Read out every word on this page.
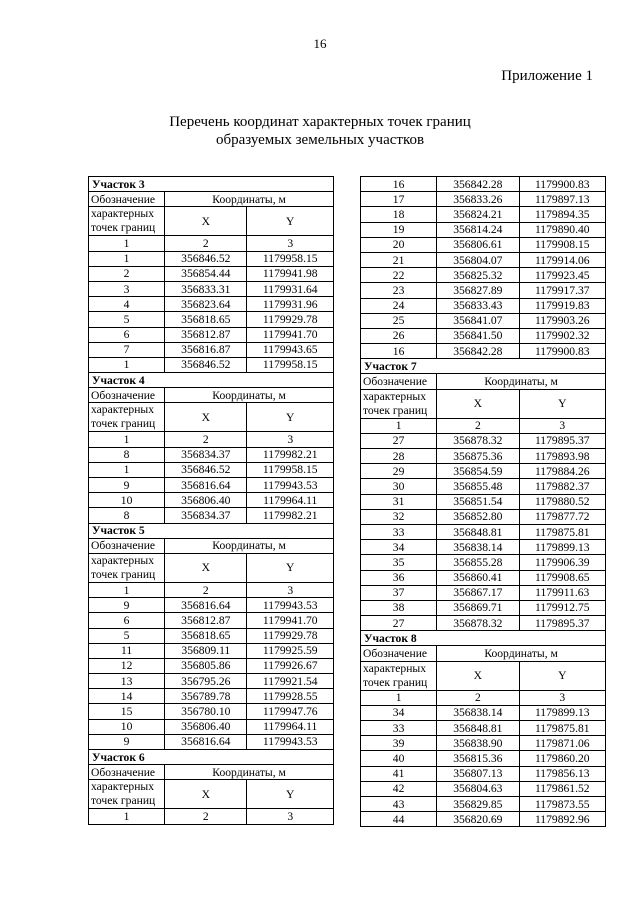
16
Приложение 1
Перечень координат характерных точек границ
образуемых земельных участков
Участок 3		
Обозначение	Координаты, м	
характерных точек границ	X	Y

1	2	3
1	356846.52	1179958.15
2	356854.44	1179941.98
3	356833.31	1179931.64
4	356823.64	1179931.96
5	356818.65	1179929.78
6	356812.87	1179941.70
7	356816.87	1179943.65
1	356846.52	1179958.15
Участок 4		
Обозначение	Координаты, м	
характерных точек границ	X	Y

1	2	3
8	356834.37	1179982.21
1	356846.52	1179958.15
9	356816.64	1179943.53
10	356806.40	1179964.11
8	356834.37	1179982.21
Участок 5		
Обозначение	Координаты, м	
характерных точек границ	X	Y

1	2	3
9	356816.64	1179943.53
6	356812.87	1179941.70
5	356818.65	1179929.78
11	356809.11	1179925.59
12	356805.86	1179926.67
13	356795.26	1179921.54
14	356789.78	1179928.55
15	356780.10	1179947.76
10	356806.40	1179964.11
9	356816.64	1179943.53
Участок 6		
Обозначение	Координаты, м	
характерных точек границ	X	Y

1	2	3
16	356842.28	1179900.83
17	356833.26	1179897.13
18	356824.21	1179894.35
19	356814.24	1179890.40
20	356806.61	1179908.15
21	356804.07	1179914.06
22	356825.32	1179923.45
23	356827.89	1179917.37
24	356833.43	1179919.83
25	356841.07	1179903.26
26	356841.50	1179902.32
16	356842.28	1179900.83
Участок 7		
Обозначение	Координаты, м	
характерных точек границ	X	Y

1	2	3
27	356878.32	1179895.37
28	356875.36	1179893.98
29	356854.59	1179884.26
30	356855.48	1179882.37
31	356851.54	1179880.52
32	356852.80	1179877.72
33	356848.81	1179875.81
34	356838.14	1179899.13
35	356855.28	1179906.39
36	356860.41	1179908.65
37	356867.17	1179911.63
38	356869.71	1179912.75
27	356878.32	1179895.37
Участок 8		
Обозначение	Координаты, м	
характерных точек границ	X	Y

1	2	3
34	356838.14	1179899.13
33	356848.81	1179875.81
39	356838.90	1179871.06
40	356815.36	1179860.20
41	356807.13	1179856.13
42	356804.63	1179861.52
43	356829.85	1179873.55
44	356820.69	1179892.96
